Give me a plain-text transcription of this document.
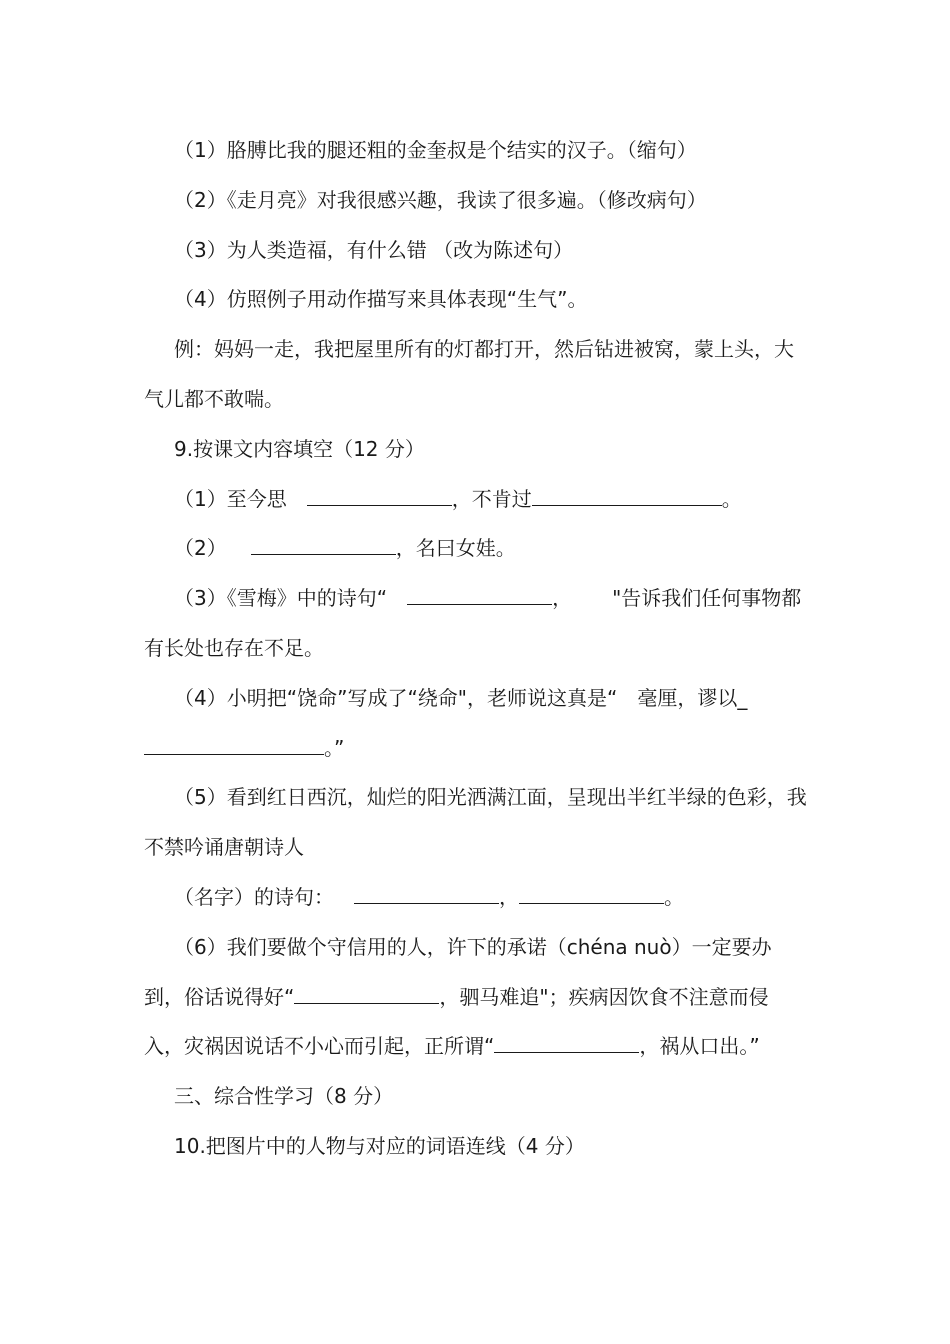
（1）胳膊比我的腿还粗的金奎叔是个结实的汉子。（缩句）

（2）《走月亮》对我很感兴趣，我读了很多遍。（修改病句）

（3）为人类造福，有什么错 （改为陈述句）

（4）仿照例子用动作描写来具体表现“生气”。

例：妈妈一走，我把屋里所有的灯都打开，然后钻进被窝，蒙上头，大气儿都不敢喘。

9.按课文内容填空（12 分）

（1）至今思	，不肯过	。

（2）	，名曰女娃。

（3）《雪梅》中的诗句“	， "告诉我们任何事物都有长处也存在不足。

（4）小明把“饶命”写成了“绕命"，老师说这真是“ 毫厘，谬以_。”

（5）看到红日西沉，灿烂的阳光洒满江面，呈现出半红半绿的色彩，我不禁吟诵唐朝诗人

（名字）的诗句：	，	。

（6）我们要做个守信用的人，许下的承诺（chéna nuò）一定要办到，俗话说得好“	，驷马难追"；疾病因饮食不注意而侵入，灾祸因说话不小心而引起，正所谓“	，祸从口出。”

三、综合性学习（8 分）

10.把图片中的人物与对应的词语连线（4 分）
